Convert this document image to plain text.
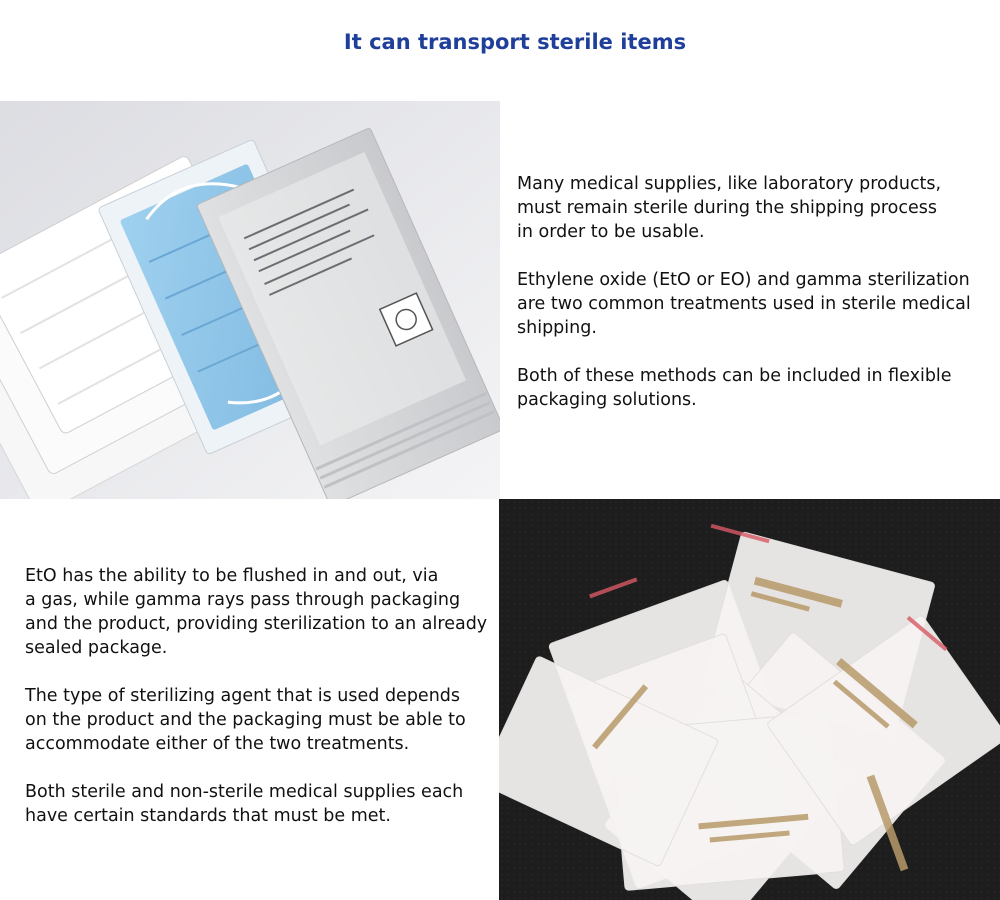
It can transport sterile items

Many medical supplies, like laboratory products,
must remain sterile during the shipping process
in order to be usable.

Ethylene oxide (EtO or EO) and gamma sterilization
are two common treatments used in sterile medical
shipping.

Both of these methods can be included in flexible
packaging solutions.

EtO has the ability to be flushed in and out, via
a gas, while gamma rays pass through packaging
and the product, providing sterilization to an already
sealed package.

The type of sterilizing agent that is used depends
on the product and the packaging must be able to
accommodate either of the two treatments.

Both sterile and non-sterile medical supplies each
have certain standards that must be met.
